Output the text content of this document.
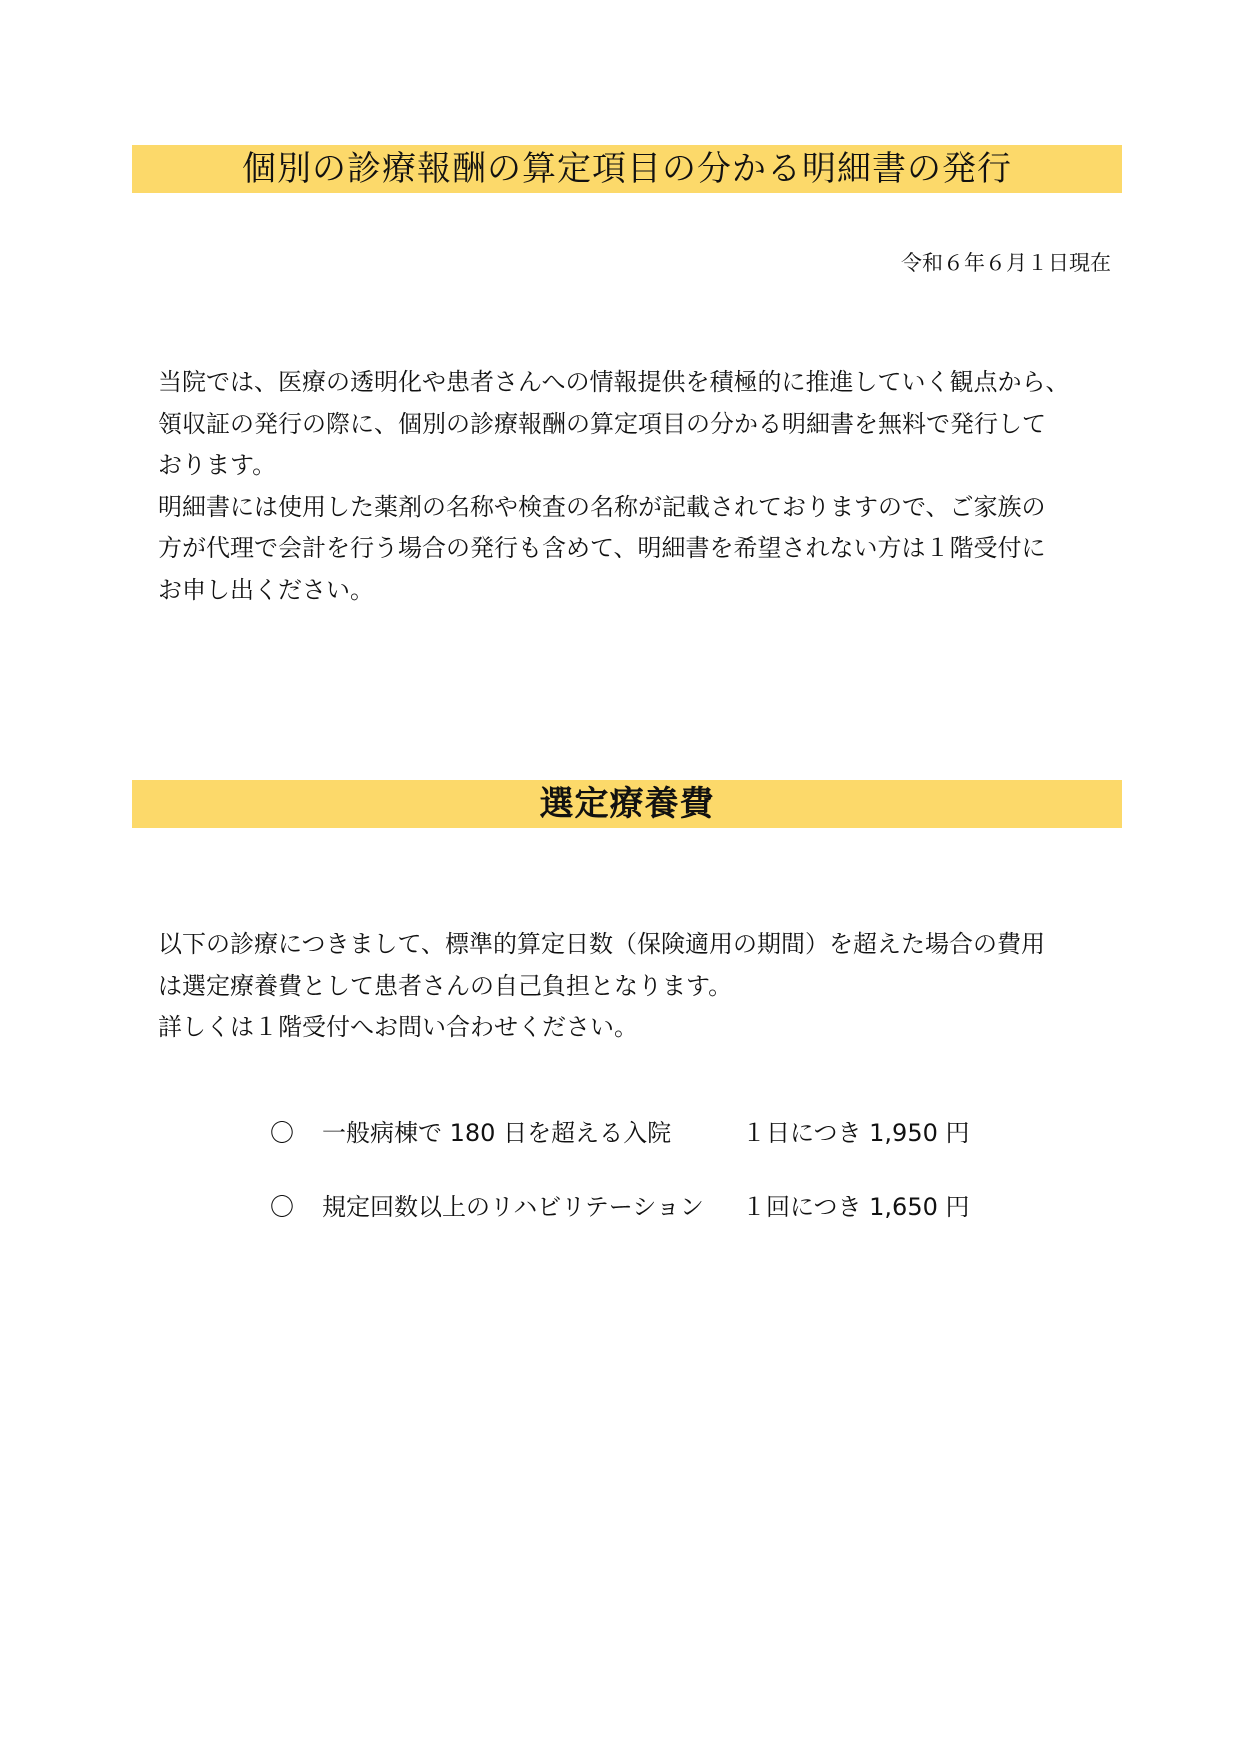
個別の診療報酬の算定項目の分かる明細書の発行
令和６年６月１日現在
当院では、医療の透明化や患者さんへの情報提供を積極的に推進していく観点から、
領収証の発行の際に、個別の診療報酬の算定項目の分かる明細書を無料で発行して
おります。
明細書には使用した薬剤の名称や検査の名称が記載されておりますので、ご家族の
方が代理で会計を行う場合の発行も含めて、明細書を希望されない方は１階受付に
お申し出ください。
選定療養費
以下の診療につきまして、標準的算定日数（保険適用の期間）を超えた場合の費用
は選定療養費として患者さんの自己負担となります。
詳しくは１階受付へお問い合わせください。
〇	一般病棟で 180 日を超える入院	１日につき 1,950 円
〇	規定回数以上のリハビリテーション	１回につき 1,650 円
